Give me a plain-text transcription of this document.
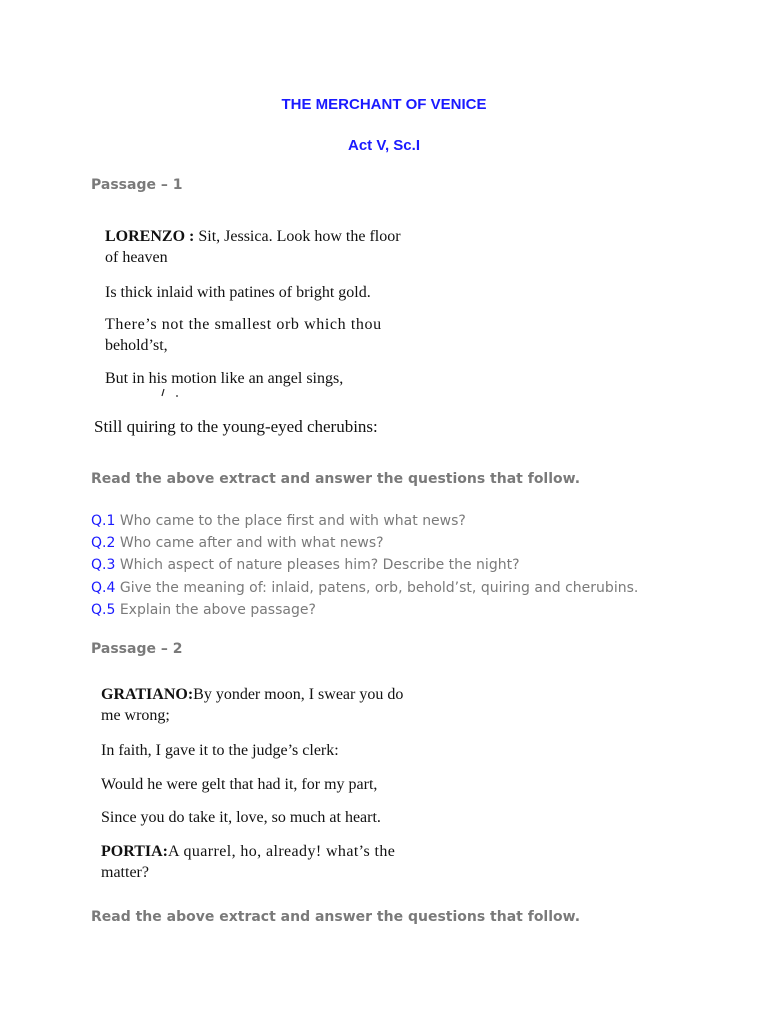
THE MERCHANT OF VENICE
Act V, Sc.I
Passage – 1
LORENZO : Sit, Jessica. Look how the floor
of heaven
Is thick inlaid with patines of bright gold.
There’s not the smallest orb which thou
behold’st,
But in his motion like an angel sings,
Still quiring to the young-eyed cherubins:
Read the above extract and answer the questions that follow.
Q.1 Who came to the place first and with what news?
Q.2 Who came after and with what news?
Q.3 Which aspect of nature pleases him? Describe the night?
Q.4 Give the meaning of: inlaid, patens, orb, behold’st, quiring and cherubins.
Q.5 Explain the above passage?
Passage – 2
GRATIANO:By yonder moon, I swear you do
me wrong;
In faith, I gave it to the judge’s clerk:
Would he were gelt that had it, for my part,
Since you do take it, love, so much at heart.
PORTIA:A quarrel, ho, already! what’s the
matter?
Read the above extract and answer the questions that follow.
